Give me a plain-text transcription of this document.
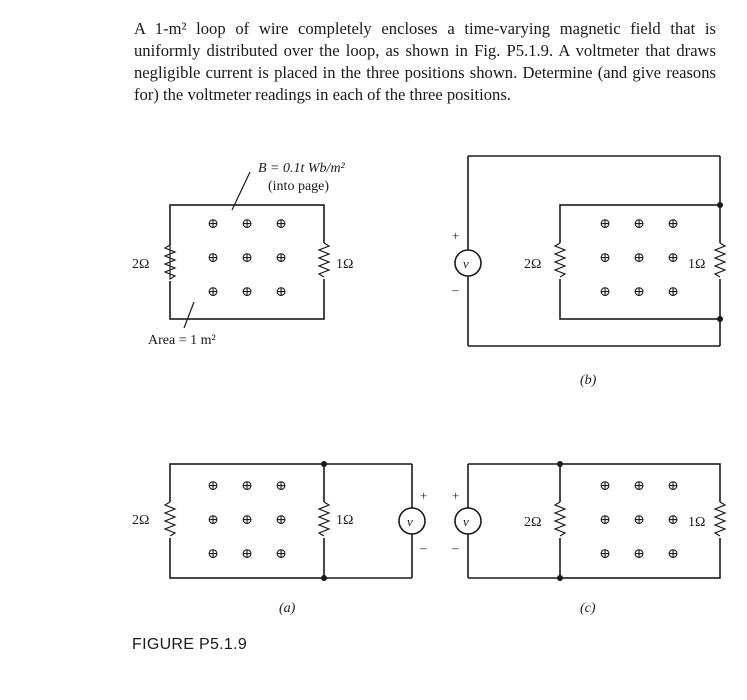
A 1-m² loop of wire completely encloses a time-varying magnetic field that is uniformly distributed over the loop, as shown in Fig. P5.1.9. A voltmeter that draws negligible current is placed in the three positions shown. Determine (and give reasons for) the voltmeter readings in each of the three positions.

⊕ ⊕ ⊕
⊕ ⊕ ⊕
⊕ ⊕ ⊕
B = 0.1t Wb/m²
(into page)
Area = 1 m²
2Ω	1Ω
v
+
–
⊕ ⊕ ⊕
⊕ ⊕ ⊕
⊕ ⊕ ⊕
2Ω	1Ω
(a)
v
+
–
⊕ ⊕ ⊕
⊕ ⊕ ⊕
⊕ ⊕ ⊕
2Ω	1Ω
(b)
v
+
–
⊕ ⊕ ⊕
⊕ ⊕ ⊕
⊕ ⊕ ⊕
2Ω	1Ω
(c)
FIGURE P5.1.9
